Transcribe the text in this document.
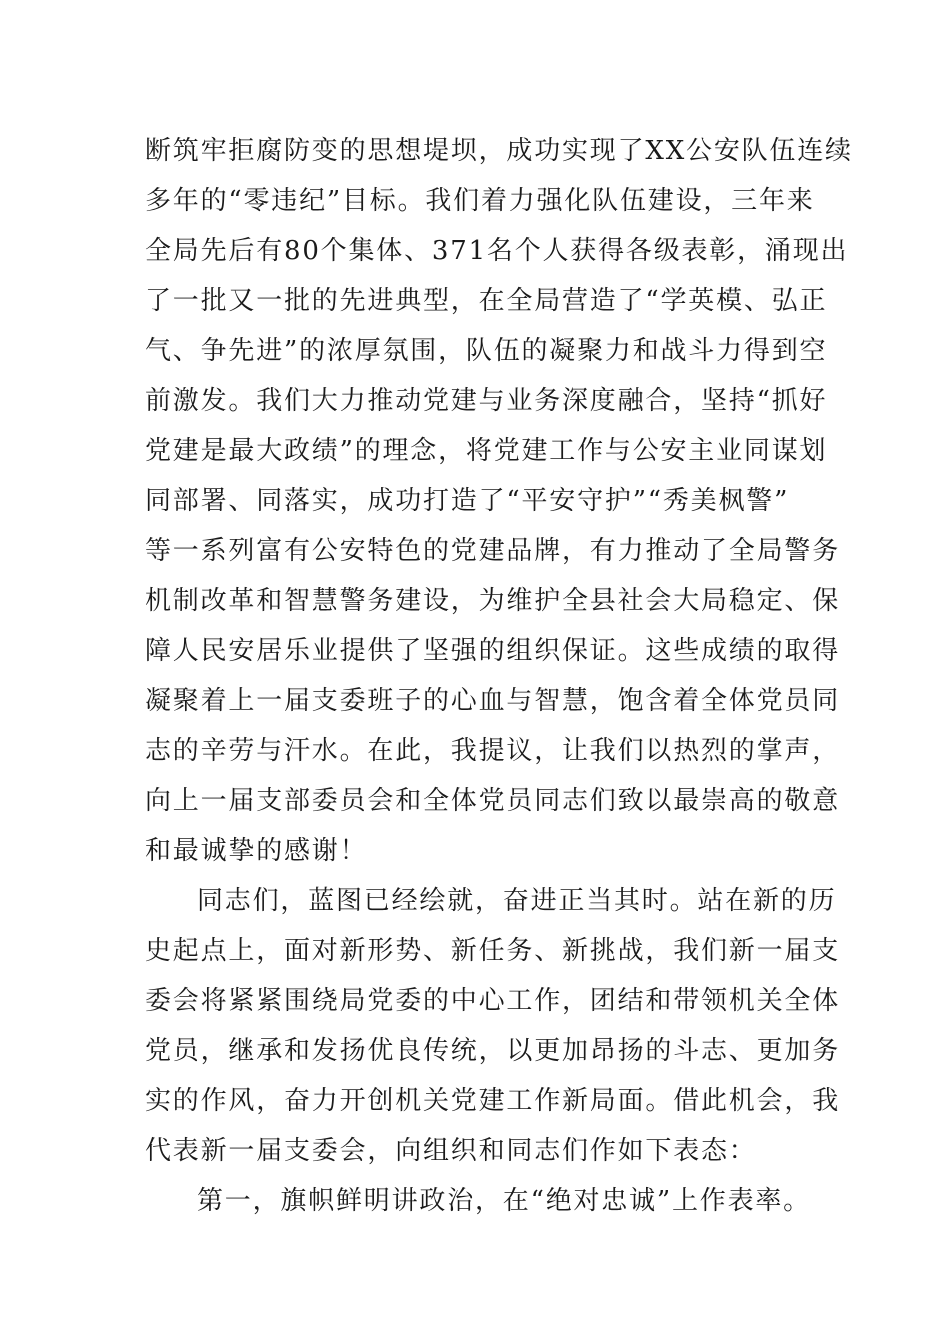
断筑牢拒腐防变的思想堤坝，成功实现了XX公安队伍连续
多年的“零违纪”目标。我们着力强化队伍建设，三年来
全局先后有80个集体、371名个人获得各级表彰，涌现出
了一批又一批的先进典型，在全局营造了“学英模、弘正
气、争先进”的浓厚氛围，队伍的凝聚力和战斗力得到空
前激发。我们大力推动党建与业务深度融合，坚持“抓好
党建是最大政绩”的理念，将党建工作与公安主业同谋划
同部署、同落实，成功打造了“平安守护”“秀美枫警”
等一系列富有公安特色的党建品牌，有力推动了全局警务
机制改革和智慧警务建设，为维护全县社会大局稳定、保
障人民安居乐业提供了坚强的组织保证。这些成绩的取得
凝聚着上一届支委班子的心血与智慧，饱含着全体党员同
志的辛劳与汗水。在此，我提议，让我们以热烈的掌声，
向上一届支部委员会和全体党员同志们致以最崇高的敬意
和最诚挚的感谢！
同志们，蓝图已经绘就，奋进正当其时。站在新的历
史起点上，面对新形势、新任务、新挑战，我们新一届支
委会将紧紧围绕局党委的中心工作，团结和带领机关全体
党员，继承和发扬优良传统，以更加昂扬的斗志、更加务
实的作风，奋力开创机关党建工作新局面。借此机会，我
代表新一届支委会，向组织和同志们作如下表态：
第一，旗帜鲜明讲政治，在“绝对忠诚”上作表率。
